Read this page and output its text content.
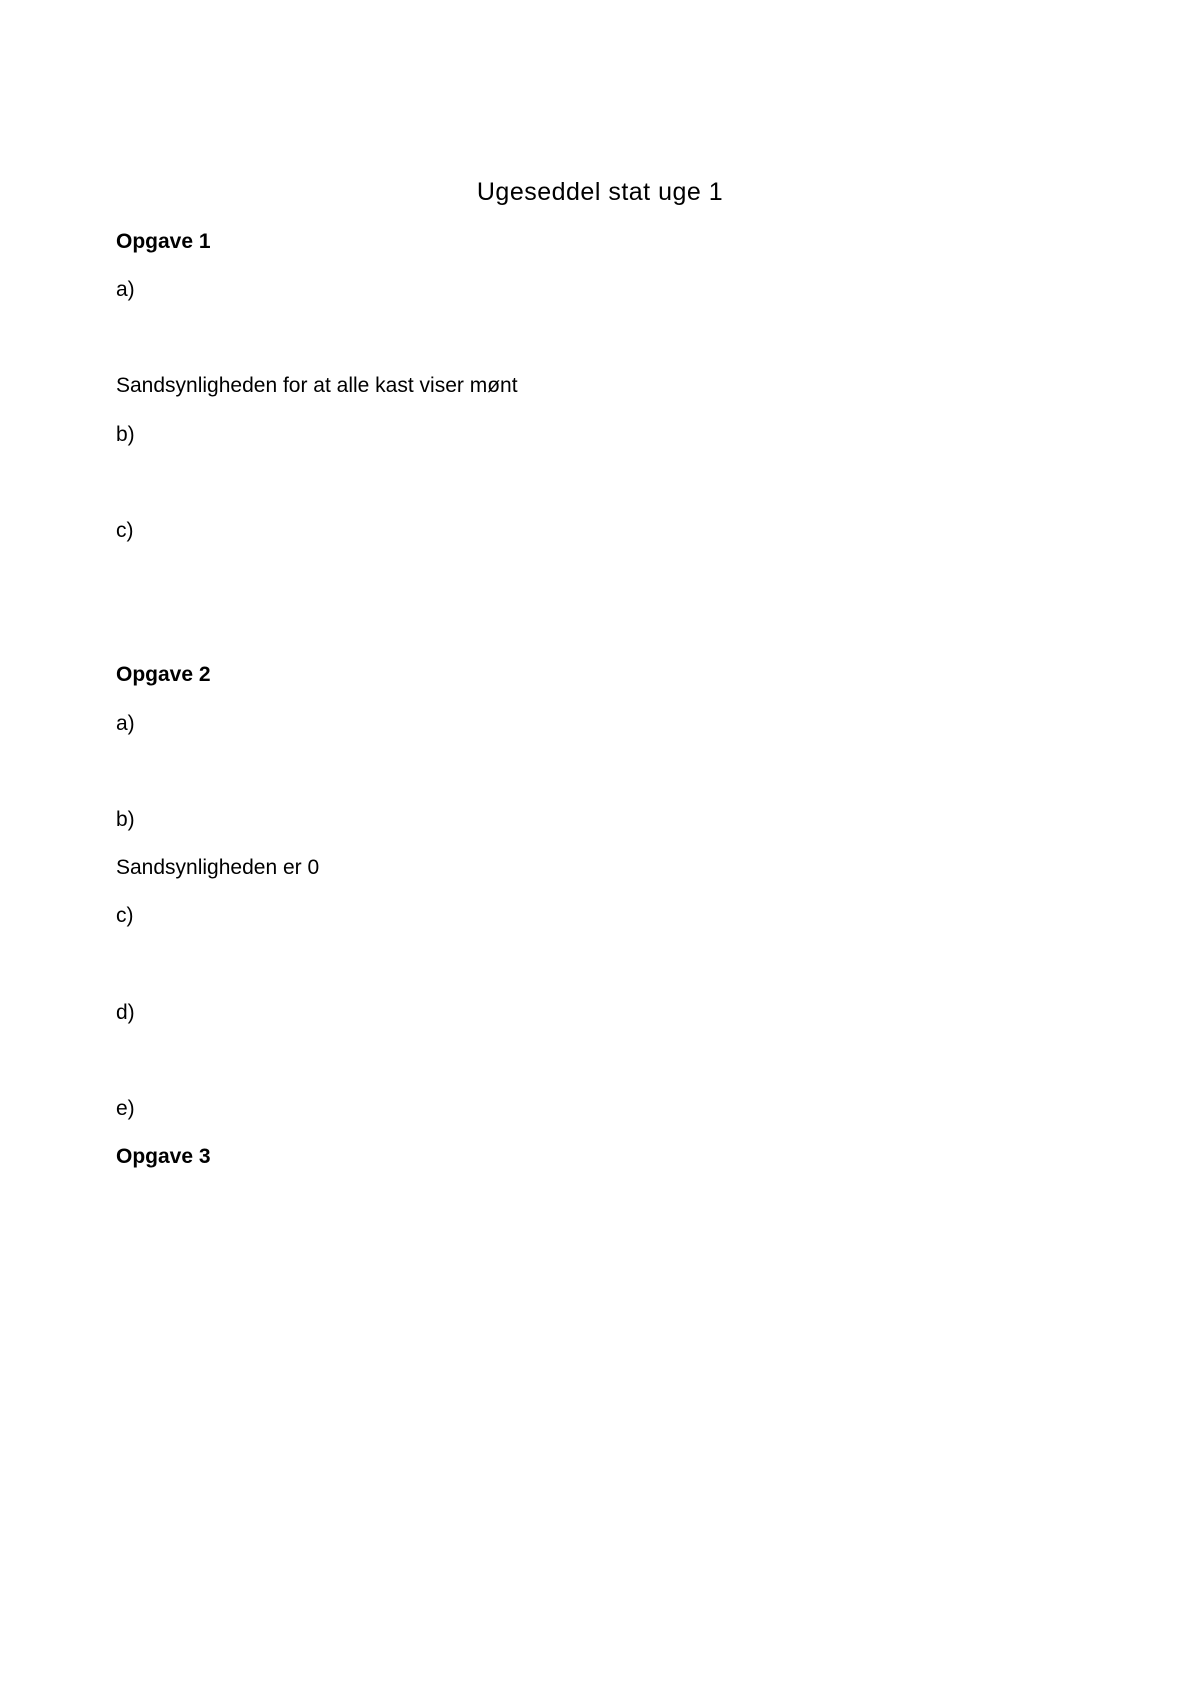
Ugeseddel stat uge 1
Opgave 1
a)
Sandsynligheden for at alle kast viser mønt
b)
c)
Opgave 2
a)
b)
Sandsynligheden er 0
c)
d)
e)
Opgave 3
